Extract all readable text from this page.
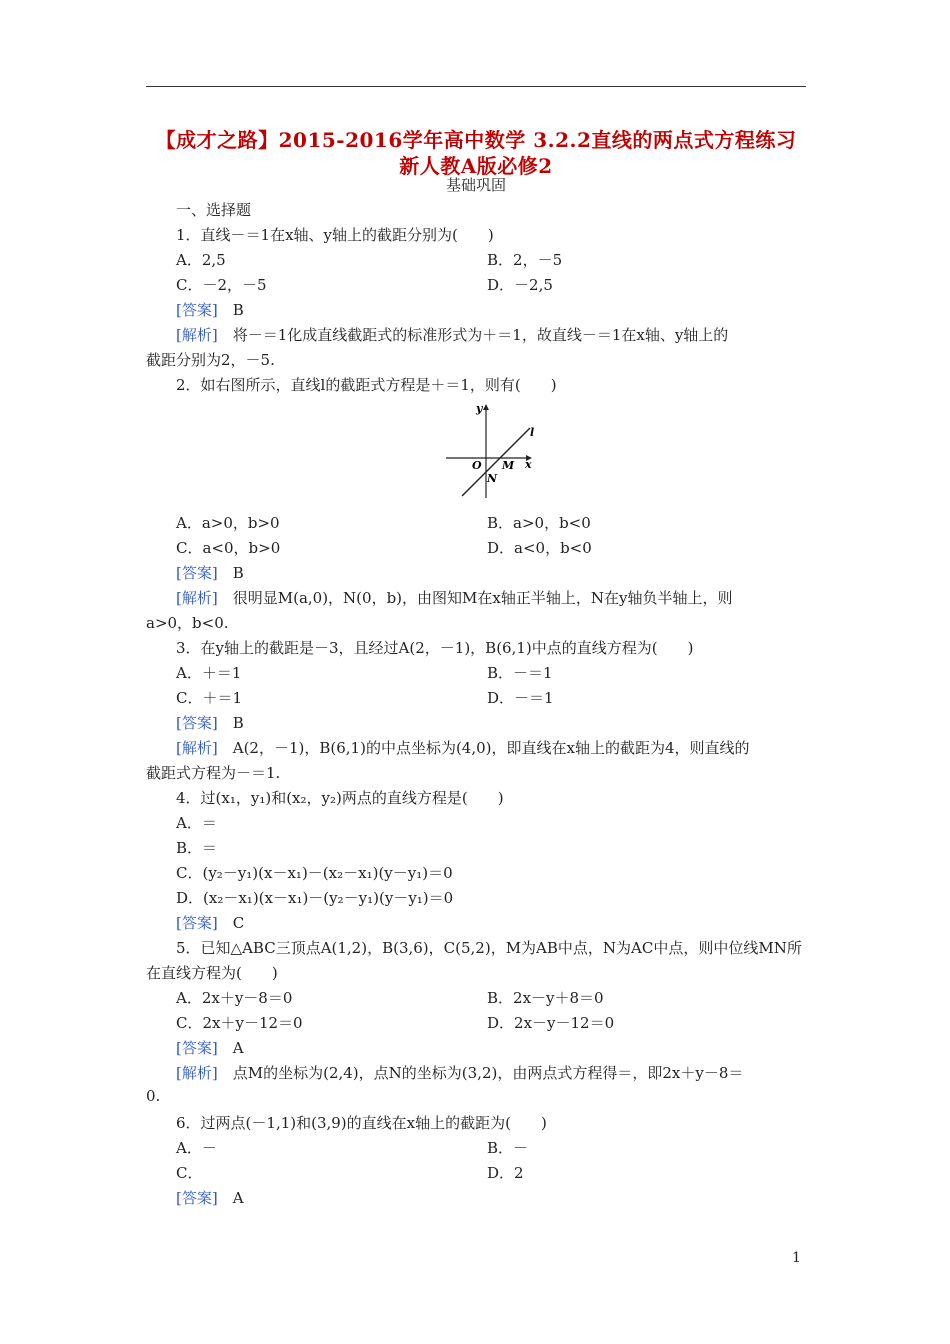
【成才之路】2015-2016学年高中数学 3.2.2直线的两点式方程练习
新人教A版必修2
基础巩固
一、选择题
1．直线－＝1在x轴、y轴上的截距分别为(　　)
A．2,5	B．2，－5
C．－2，－5	D．－2,5
[答案]　 B
[解析]　 将－＝1化成直线截距式的标准形式为＋＝1，故直线－＝1在x轴、y轴上的
截距分别为2，－5.
2．如右图所示，直线l的截距式方程是＋＝1，则有(　　)
y
x
O M
N
l
A．a>0，b>0	B．a>0，b<0
C．a<0，b>0	D．a<0，b<0
[答案]　 B
[解析]　 很明显M(a,0)，N(0，b)，由图知M在x轴正半轴上，N在y轴负半轴上，则
a>0，b<0.
3．在y轴上的截距是－3，且经过A(2，－1)，B(6,1)中点的直线方程为(　　)
A．＋＝1	B．－＝1
C．＋＝1	D．－＝1
[答案]　 B
[解析]　 A(2，－1)，B(6,1)的中点坐标为(4,0)，即直线在x轴上的截距为4，则直线的
截距式方程为－＝1.
4．过(x₁，y₁)和(x₂，y₂)两点的直线方程是(　　)
A．＝
B．＝
C．(y₂－y₁)(x－x₁)－(x₂－x₁)(y－y₁)＝0
D．(x₂－x₁)(x－x₁)－(y₂－y₁)(y－y₁)＝0
[答案]　 C
5．已知△ABC三顶点A(1,2)，B(3,6)，C(5,2)，M为AB中点，N为AC中点，则中位线MN所
在直线方程为(　　)
A．2x＋y－8＝0	B．2x－y＋8＝0
C．2x＋y－12＝0	D．2x－y－12＝0
[答案]　 A
[解析]　 点M的坐标为(2,4)，点N的坐标为(3,2)，由两点式方程得＝，即2x＋y－8＝
0.
6．过两点(－1,1)和(3,9)的直线在x轴上的截距为(　　)
A．－	B．－
C．	D．2
[答案]　 A
1
